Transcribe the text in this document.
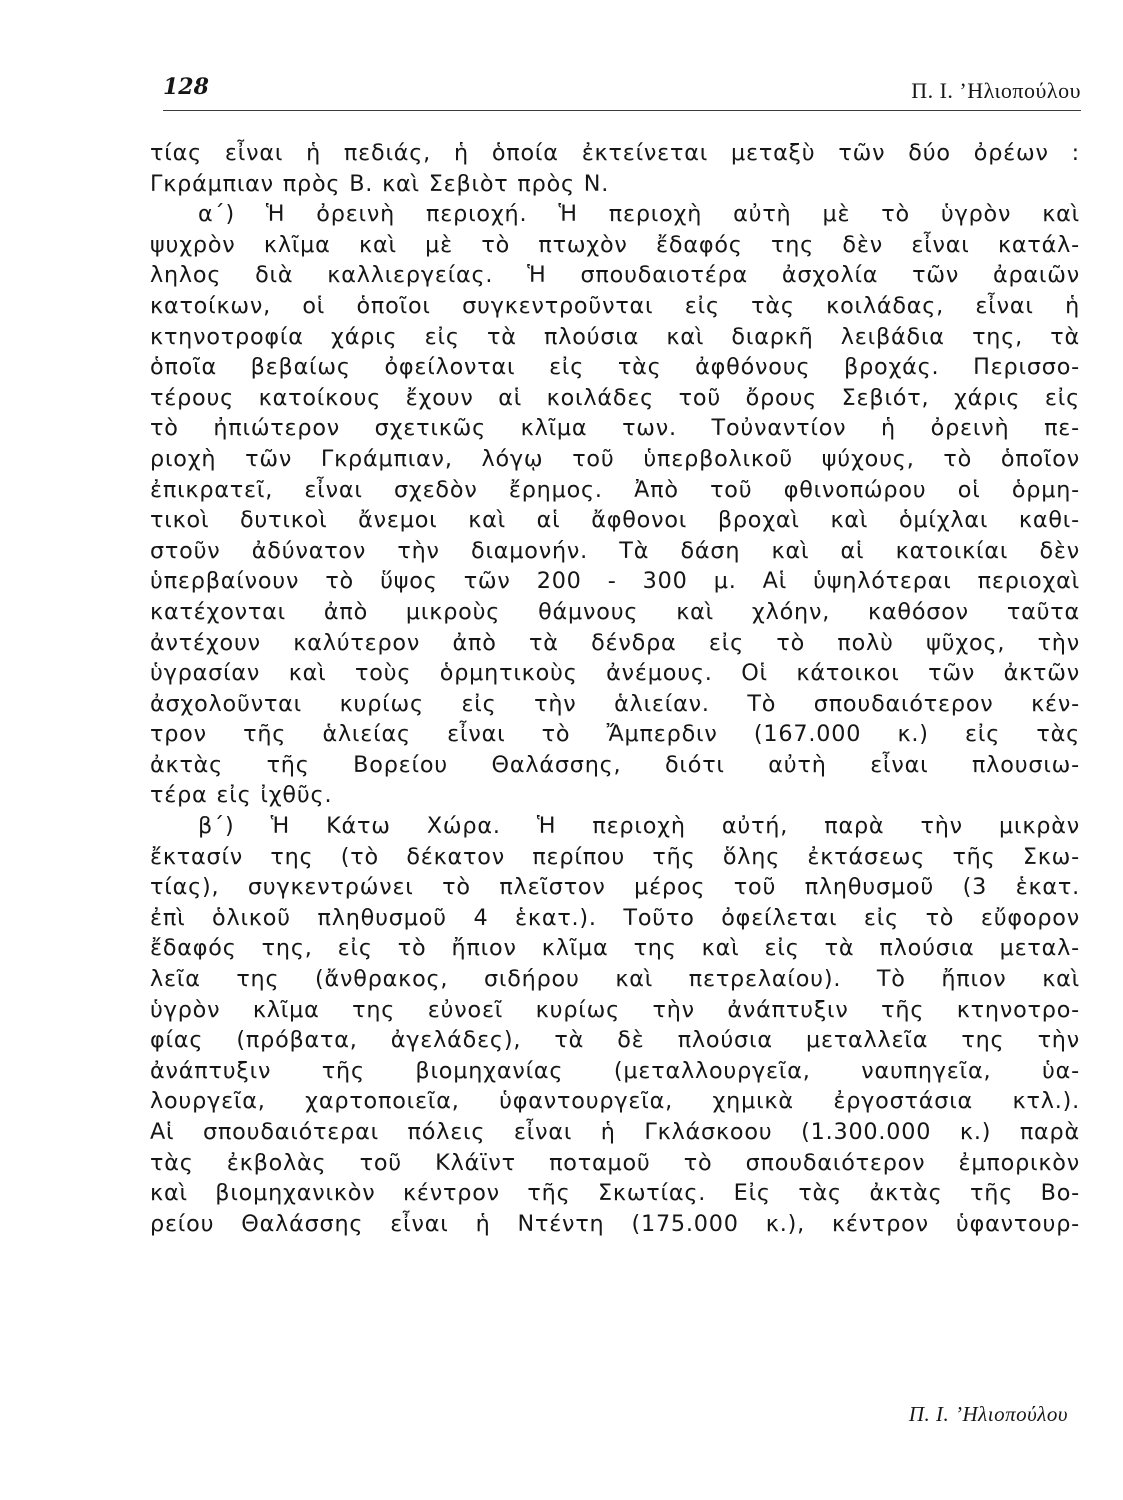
128	Π. Ι. ’Ηλιοπούλου
τίας εἶναι ἡ πεδιάς, ἡ ὁποία ἐκτείνεται μεταξὺ τῶν δύο ὀρέων :
Γκράμπιαν πρὸς Β. καὶ Σεβιὸτ πρὸς Ν.
α΄) Ἡ ὀρεινὴ περιοχή. Ἡ περιοχὴ αὐτὴ μὲ τὸ ὑγρὸν καὶ
ψυχρὸν κλῖμα καὶ μὲ τὸ πτωχὸν ἔδαφός της δὲν εἶναι κατάλ-
ληλος διὰ καλλιεργείας. Ἡ σπουδαιοτέρα ἀσχολία τῶν ἀραιῶν
κατοίκων, οἱ ὁποῖοι συγκεντροῦνται εἰς τὰς κοιλάδας, εἶναι ἡ
κτηνοτροφία χάρις εἰς τὰ πλούσια καὶ διαρκῆ λειβάδια της, τὰ
ὁποῖα βεβαίως ὀφείλονται εἰς τὰς ἀφθόνους βροχάς. Περισσο-
τέρους κατοίκους ἔχουν αἱ κοιλάδες τοῦ ὄρους Σεβιότ, χάρις εἰς
τὸ ἠπιώτερον σχετικῶς κλῖμα των. Τοὐναντίον ἡ ὀρεινὴ πε-
ριοχὴ τῶν Γκράμπιαν, λόγῳ τοῦ ὑπερβολικοῦ ψύχους, τὸ ὁποῖον
ἐπικρατεῖ, εἶναι σχεδὸν ἔρημος. Ἀπὸ τοῦ φθινοπώρου οἱ ὁρμη-
τικοὶ δυτικοὶ ἄνεμοι καὶ αἱ ἄφθονοι βροχαὶ καὶ ὁμίχλαι καθι-
στοῦν ἀδύνατον τὴν διαμονήν. Τὰ δάση καὶ αἱ κατοικίαι δὲν
ὑπερβαίνουν τὸ ὕψος τῶν 200 - 300 μ. Αἱ ὑψηλότεραι περιοχαὶ
κατέχονται ἀπὸ μικροὺς θάμνους καὶ χλόην, καθόσον ταῦτα
ἀντέχουν καλύτερον ἀπὸ τὰ δένδρα εἰς τὸ πολὺ ψῦχος, τὴν
ὑγρασίαν καὶ τοὺς ὁρμητικοὺς ἀνέμους. Οἱ κάτοικοι τῶν ἀκτῶν
ἀσχολοῦνται κυρίως εἰς τὴν ἁλιείαν. Τὸ σπουδαιότερον κέν-
τρον τῆς ἁλιείας εἶναι τὸ Ἄμπερδιν (167.000 κ.) εἰς τὰς
ἀκτὰς τῆς Βορείου Θαλάσσης, διότι αὐτὴ εἶναι πλουσιω-
τέρα εἰς ἰχθῦς.
β΄) Ἡ Κάτω Χώρα. Ἡ περιοχὴ αὐτή, παρὰ τὴν μικρὰν
ἔκτασίν της (τὸ δέκατον περίπου τῆς ὅλης ἐκτάσεως τῆς Σκω-
τίας), συγκεντρώνει τὸ πλεῖστον μέρος τοῦ πληθυσμοῦ (3 ἑκατ.
ἐπὶ ὁλικοῦ πληθυσμοῦ 4 ἑκατ.). Τοῦτο ὀφείλεται εἰς τὸ εὔφορον
ἔδαφός της, εἰς τὸ ἤπιον κλῖμα της καὶ εἰς τὰ πλούσια μεταλ-
λεῖα της (ἄνθρακος, σιδήρου καὶ πετρελαίου). Τὸ ἤπιον καὶ
ὑγρὸν κλῖμα της εὐνοεῖ κυρίως τὴν ἀνάπτυξιν τῆς κτηνοτρο-
φίας (πρόβατα, ἀγελάδες), τὰ δὲ πλούσια μεταλλεῖα της τὴν
ἀνάπτυξιν τῆς βιομηχανίας (μεταλλουργεῖα, ναυπηγεῖα, ὑα-
λουργεῖα, χαρτοποιεῖα, ὑφαντουργεῖα, χημικὰ ἐργοστάσια κτλ.).
Αἱ σπουδαιότεραι πόλεις εἶναι ἡ Γκλάσκοου (1.300.000 κ.) παρὰ
τὰς ἐκβολὰς τοῦ Κλάϊντ ποταμοῦ τὸ σπουδαιότερον ἐμπορικὸν
καὶ βιομηχανικὸν κέντρον τῆς Σκωτίας. Εἰς τὰς ἀκτὰς τῆς Βο-
ρείου Θαλάσσης εἶναι ἡ Ντέντη (175.000 κ.), κέντρον ὑφαντουρ-
Π. Ι. ’Ηλιοπούλου
